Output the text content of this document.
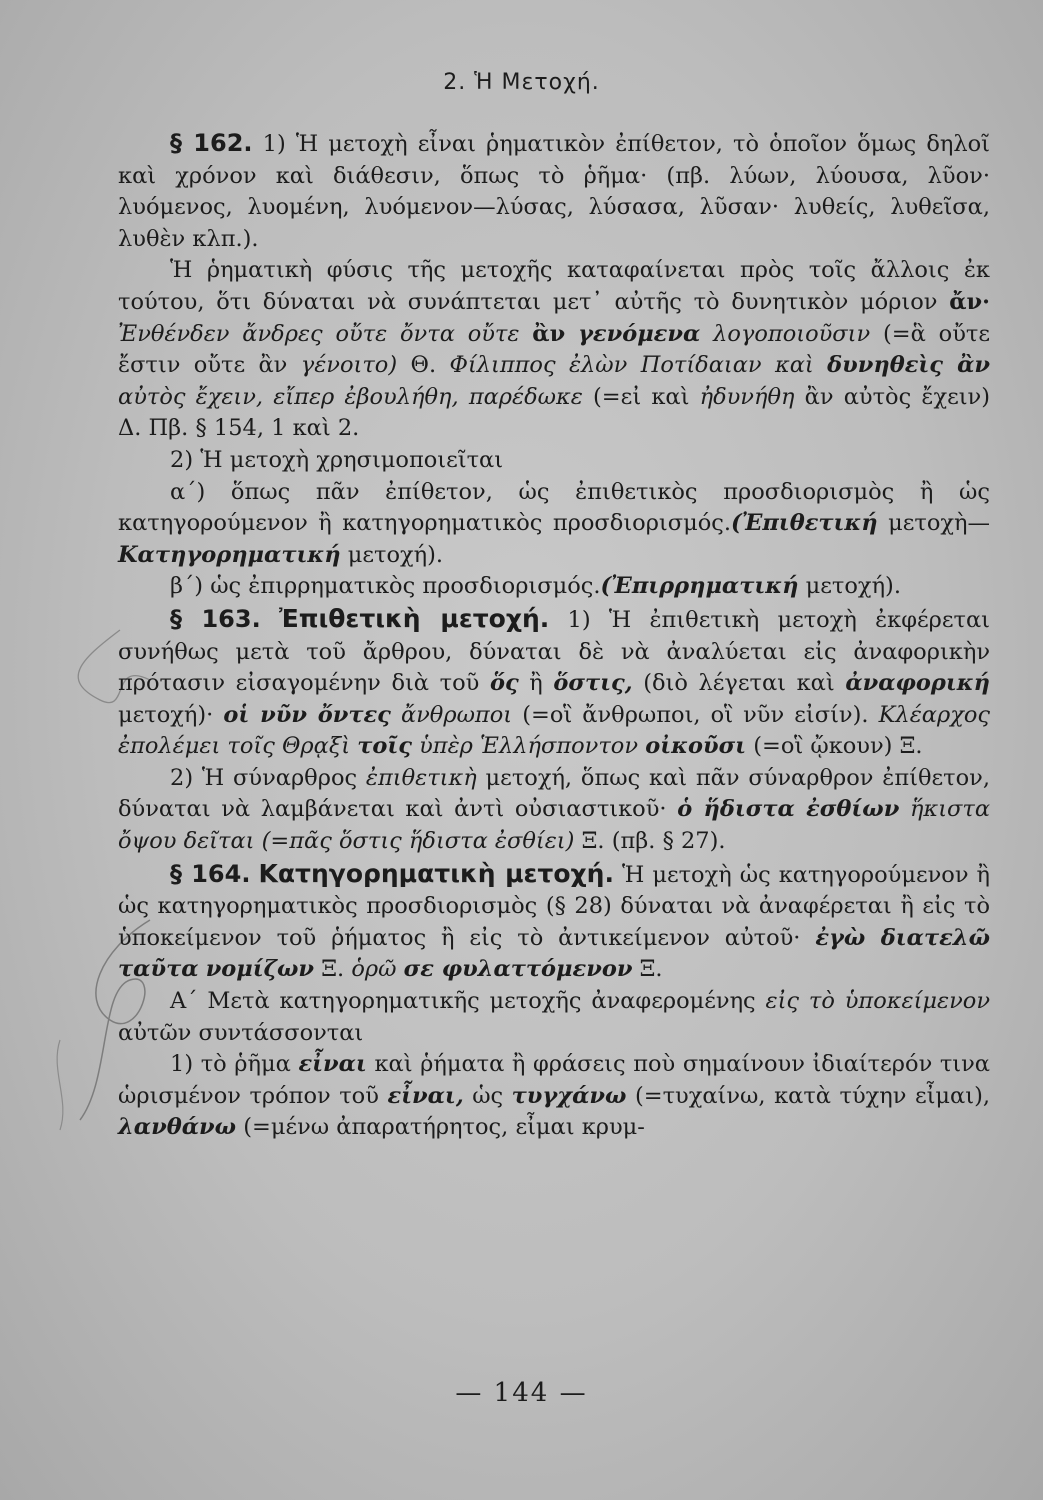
2. Ἡ Μετοχή.

§ 162. 1) Ἡ μετοχὴ εἶναι ῥηματικὸν ἐπίθετον, τὸ ὁποῖον ὅμως δηλοῖ καὶ χρόνον καὶ διάθεσιν, ὅπως τὸ ῥῆμα· (πβ. λύων, λύουσα, λῦον· λυόμενος, λυομένη, λυόμενον—λύσας, λύσασα, λῦσαν· λυθείς, λυθεῖσα, λυθὲν κλπ.).

Ἡ ῥηματικὴ φύσις τῆς μετοχῆς καταφαίνεται πρὸς τοῖς ἄλλοις ἐκ τούτου, ὅτι δύναται νὰ συνάπτεται μετ᾽ αὐτῆς τὸ δυνητικὸν μόριον ἄν· Ἐνθένδεν ἄνδρες οὔτε ὄντα οὔτε ἂν γενόμενα λογοποιοῦσιν (=ἃ οὔτε ἔστιν οὔτε ἂν γένοιτο) Θ. Φίλιππος ἐλὼν Ποτίδαιαν καὶ δυνηθεὶς ἂν αὐτὸς ἔχειν, εἴπερ ἐβουλήθη, παρέδωκε (=εἰ καὶ ἠδυνήθη ἂν αὐτὸς ἔχειν) Δ. Πβ. § 154, 1 καὶ 2.

2) Ἡ μετοχὴ χρησιμοποιεῖται

α΄) ὅπως πᾶν ἐπίθετον, ὡς ἐπιθετικὸς προσδιορισμὸς ἢ ὡς κατηγορούμενον ἢ κατηγορηματικὸς προσδιορισμός.(Ἐπιθετική μετοχὴ—Κατηγορηματική μετοχή).

β΄) ὡς ἐπιρρηματικὸς προσδιορισμός.(Ἐπιρρηματική μετοχή).

§ 163. Ἐπιθετικὴ μετοχή. 1) Ἡ ἐπιθετικὴ μετοχὴ ἐκφέρεται συνήθως μετὰ τοῦ ἄρθρου, δύναται δὲ νὰ ἀναλύεται εἰς ἀναφορικὴν πρότασιν εἰσαγομένην διὰ τοῦ ὅς ἢ ὅστις, (διὸ λέγεται καὶ ἀναφορική μετοχή)· οἱ νῦν ὄντες ἄνθρωποι (=οἳ ἄνθρωποι, οἳ νῦν εἰσίν). Κλέαρχος ἐπολέμει τοῖς Θρᾳξὶ τοῖς ὑπὲρ Ἑλλήσποντον οἰκοῦσι (=οἳ ᾤκουν) Ξ.

2) Ἡ σύναρθρος ἐπιθετικὴ μετοχή, ὅπως καὶ πᾶν σύναρθρον ἐπίθετον, δύναται νὰ λαμβάνεται καὶ ἀντὶ οὐσιαστικοῦ· ὁ ἥδιστα ἐσθίων ἥκιστα ὄψου δεῖται (=πᾶς ὅστις ἥδιστα ἐσθίει) Ξ. (πβ. § 27).

§ 164. Κατηγορηματικὴ μετοχή. Ἡ μετοχὴ ὡς κατηγορούμενον ἢ ὡς κατηγορηματικὸς προσδιορισμὸς (§ 28) δύναται νὰ ἀναφέρεται ἢ εἰς τὸ ὑποκείμενον τοῦ ῥήματος ἢ εἰς τὸ ἀντικείμενον αὐτοῦ· ἐγὼ διατελῶ ταῦτα νομίζων Ξ. ὁρῶ σε φυλαττόμενον Ξ.

Α΄ Μετὰ κατηγορηματικῆς μετοχῆς ἀναφερομένης εἰς τὸ ὑποκείμενον αὐτῶν συντάσσονται

1) τὸ ῥῆμα εἶναι καὶ ῥήματα ἢ φράσεις ποὺ σημαίνουν ἰδιαίτερόν τινα ὡρισμένον τρόπον τοῦ εἶναι, ὡς τυγχάνω (=τυχαίνω, κατὰ τύχην εἶμαι), λανθάνω (=μένω ἀπαρατήρητος, εἶμαι κρυμ-

— 144 —
